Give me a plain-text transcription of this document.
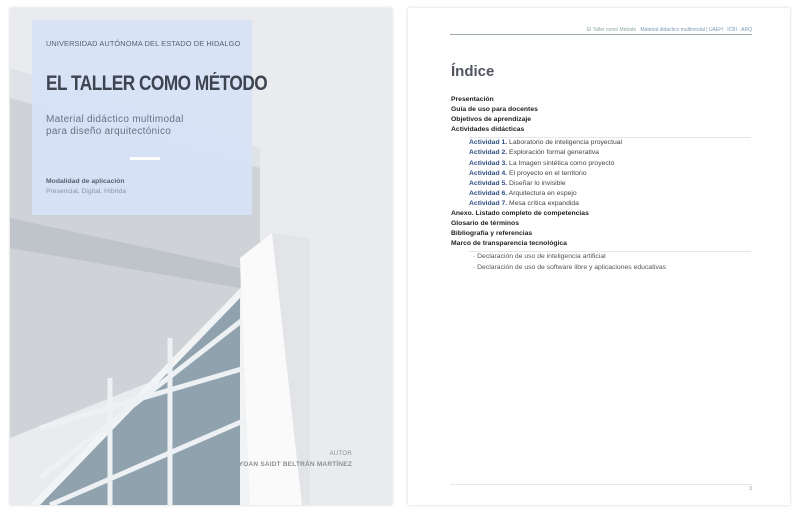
UNIVERSIDAD AUTÓNOMA DEL ESTADO DE HIDALGO
EL TALLER COMO MÉTODO
Material didáctico multimodal
para diseño arquitectónico
Modalidad de aplicación
Presencial, Digital, Híbrida
AUTOR
YOAN SAIDT BELTRÁN MARTÍNEZ
El Taller como Método Material didáctico multimodal | UAEH · ICBI · ARQ
Índice
Presentación
Guía de uso para docentes
Objetivos de aprendizaje
Actividades didácticas
Actividad 1. Laboratorio de inteligencia proyectual
Actividad 2. Exploración formal generativa
Actividad 3. La Imagen sintética como proyecto
Actividad 4. El proyecto en el territorio
Actividad 5. Diseñar lo invisible
Actividad 6. Arquitectura en espejo
Actividad 7. Mesa crítica expandida
Anexo. Listado completo de competencias
Glosario de términos
Bibliografía y referencias
Marco de transparencia tecnológica
· Declaración de uso de inteligencia artificial
· Declaración de uso de software libre y aplicaciones educativas
3
